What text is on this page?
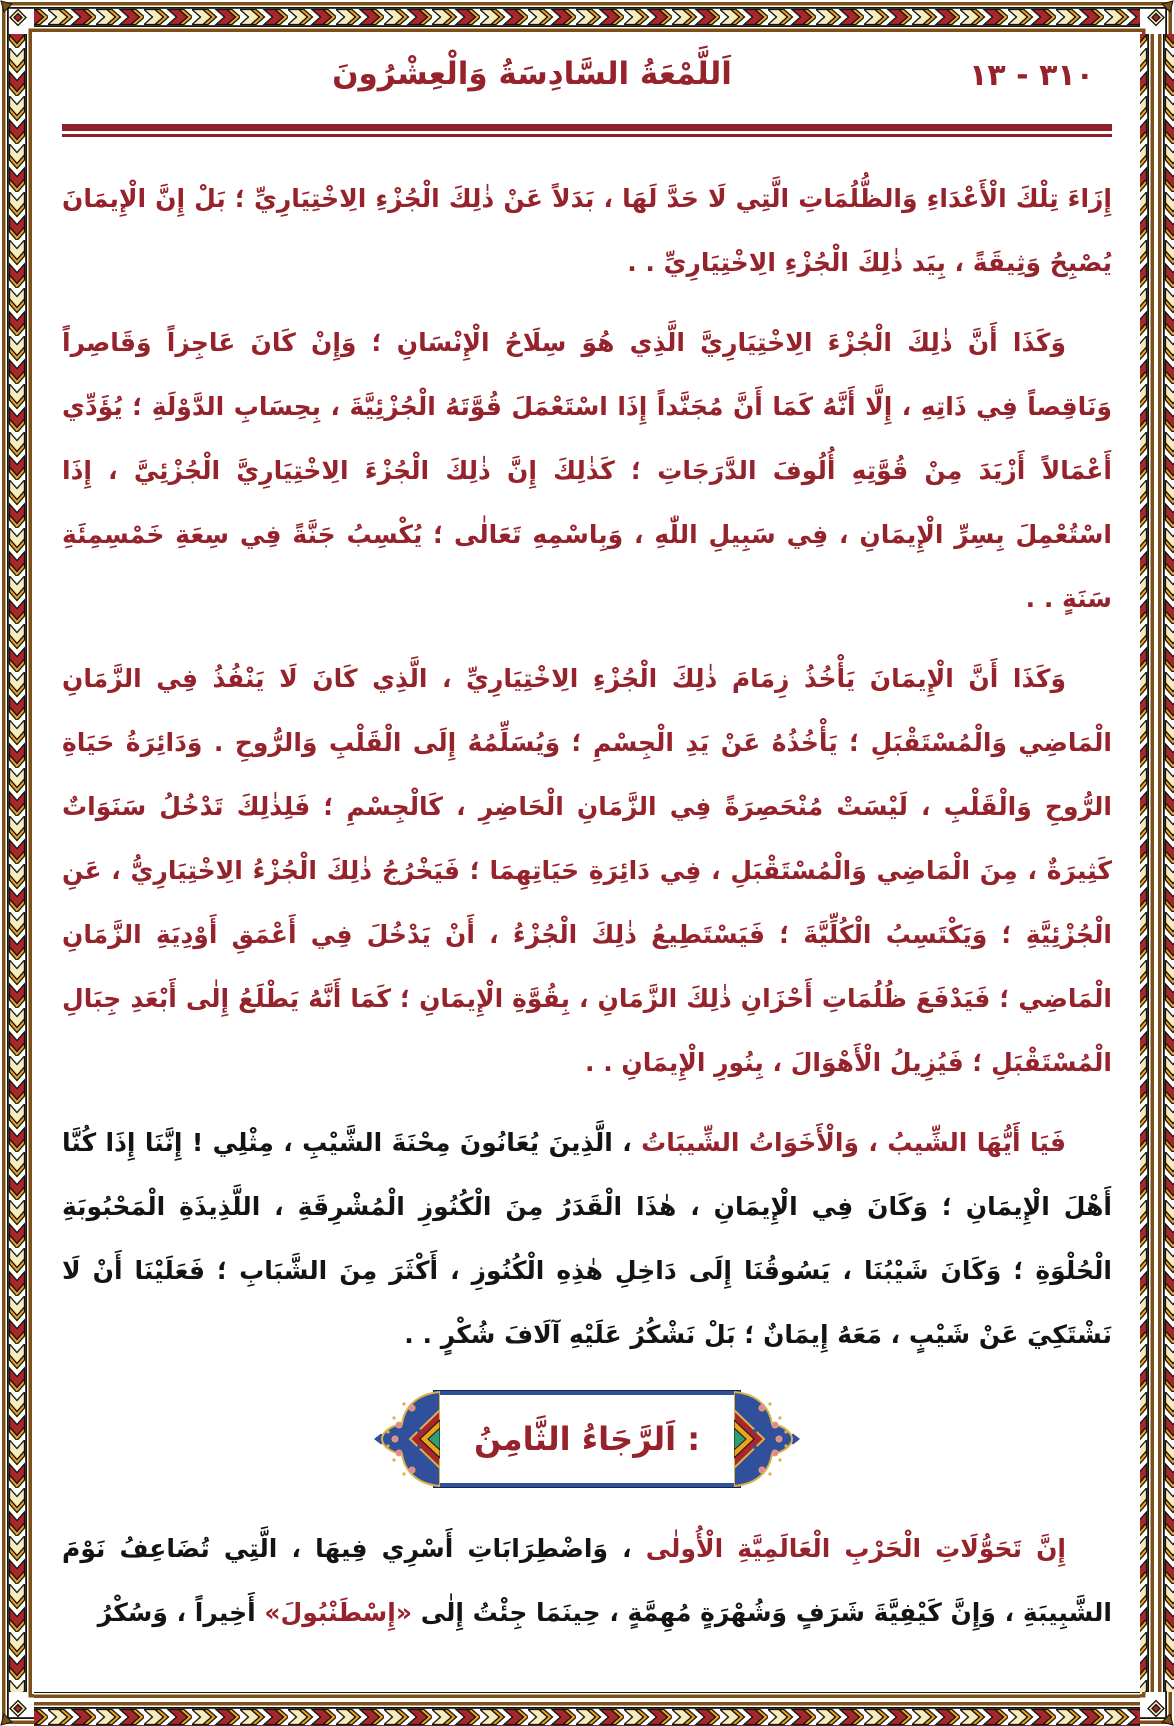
اَللَّمْعَةُ السَّادِسَةُ وَالْعِشْرُونَ	٣١٠ - ١٣
إِزَاءَ تِلْكَ الْأَعْدَاءِ وَالظُّلُمَاتِ الَّتِي لَا حَدَّ لَهَا ، بَدَلاً عَنْ ذٰلِكَ الْجُزْءِ الِاخْتِيَارِيِّ ؛ بَلْ إِنَّ الْإِيمَانَ يُصْبِحُ وَثِيقَةً ، بِيَد ذٰلِكَ الْجُزْءِ الِاخْتِيَارِيِّ . .
وَكَذَا أَنَّ ذٰلِكَ الْجُزْءَ الِاخْتِيَارِيَّ الَّذِي هُوَ سِلَاحُ الْإِنْسَانِ ؛ وَإِنْ كَانَ عَاجِزاً وَقَاصِراً وَنَاقِصاً فِي ذَاتِهِ ، إِلَّا أَنَّهُ كَمَا أَنَّ مُجَنَّداً إِذَا اسْتَعْمَلَ قُوَّتَهُ الْجُزْئِيَّةَ ، بِحِسَابِ الدَّوْلَةِ ؛ يُؤَدِّي أَعْمَالاً أَزْيَدَ مِنْ قُوَّتِهِ أُلُوفَ الدَّرَجَاتِ ؛ كَذٰلِكَ إِنَّ ذٰلِكَ الْجُزْءَ الِاخْتِيَارِيَّ الْجُزْئِيَّ ، إِذَا اسْتُعْمِلَ بِسِرِّ الْإِيمَانِ ، فِي سَبِيلِ اللّٰهِ ، وَبِاسْمِهِ تَعَالٰى ؛ يُكْسِبُ جَنَّةً فِي سِعَةِ خَمْسِمِئَةِ سَنَةٍ . .
وَكَذَا أَنَّ الْإِيمَانَ يَأْخُذُ زِمَامَ ذٰلِكَ الْجُزْءِ الِاخْتِيَارِيِّ ، الَّذِي كَانَ لَا يَنْفُذُ فِي الزَّمَانِ الْمَاضِي وَالْمُسْتَقْبَلِ ؛ يَأْخُذُهُ عَنْ يَدِ الْجِسْمِ ؛ وَيُسَلِّمُهُ إِلَى الْقَلْبِ وَالرُّوحِ . وَدَائِرَةُ حَيَاةِ الرُّوحِ وَالْقَلْبِ ، لَيْسَتْ مُنْحَصِرَةً فِي الزَّمَانِ الْحَاضِرِ ، كَالْجِسْمِ ؛ فَلِذٰلِكَ تَدْخُلُ سَنَوَاتٌ كَثِيرَةٌ ، مِنَ الْمَاضِي وَالْمُسْتَقْبَلِ ، فِي دَائِرَةِ حَيَاتِهِمَا ؛ فَيَخْرُجُ ذٰلِكَ الْجُزْءُ الِاخْتِيَارِيُّ ، عَنِ الْجُزْئِيَّةِ ؛ وَيَكْتَسِبُ الْكُلِّيَّةَ ؛ فَيَسْتَطِيعُ ذٰلِكَ الْجُزْءُ ، أَنْ يَدْخُلَ فِي أَعْمَقِ أَوْدِيَةِ الزَّمَانِ الْمَاضِي ؛ فَيَدْفَعَ ظُلُمَاتِ أَحْزَانِ ذٰلِكَ الزَّمَانِ ، بِقُوَّةِ الْإِيمَانِ ؛ كَمَا أَنَّهُ يَطْلَعُ إِلٰى أَبْعَدِ جِبَالِ الْمُسْتَقْبَلِ ؛ فَيُزِيلُ الْأَهْوَالَ ، بِنُورِ الْإِيمَانِ . .
فَيَا أَيُّهَا الشِّيبُ ، وَالْأَخَوَاتُ الشِّيبَاتُ ، الَّذِينَ يُعَانُونَ مِحْنَةَ الشَّيْبِ ، مِثْلِي ! إِنَّنَا إِذَا كُنَّا أَهْلَ الْإِيمَانِ ؛ وَكَانَ فِي الْإِيمَانِ ، هٰذَا الْقَدَرُ مِنَ الْكُنُوزِ الْمُشْرِقَةِ ، اللَّذِيذَةِ الْمَحْبُوبَةِ الْحُلْوَةِ ؛ وَكَانَ شَيْبُنَا ، يَسُوقُنَا إِلَى دَاخِلِ هٰذِهِ الْكُنُوزِ ، أَكْثَرَ مِنَ الشَّبَابِ ؛ فَعَلَيْنَا أَنْ لَا نَشْتَكِيَ عَنْ شَيْبٍ ، مَعَهُ إِيمَانٌ ؛ بَلْ نَشْكُرُ عَلَيْهِ آلَافَ شُكْرٍ . .
اَلرَّجَاءُ الثَّامِنُ :
إِنَّ تَحَوُّلَاتِ الْحَرْبِ الْعَالَمِيَّةِ الْأُولٰى ، وَاضْطِرَابَاتِ أَسْرِي فِيهَا ، الَّتِي تُضَاعِفُ نَوْمَ الشَّبِيبَةِ ، وَإِنَّ كَيْفِيَّةَ شَرَفٍ وَشُهْرَةٍ مُهِمَّةٍ ، حِينَمَا جِئْتُ إِلٰى «إِسْطَنْبُولَ» أَخِيراً ، وَسُكْرُ
